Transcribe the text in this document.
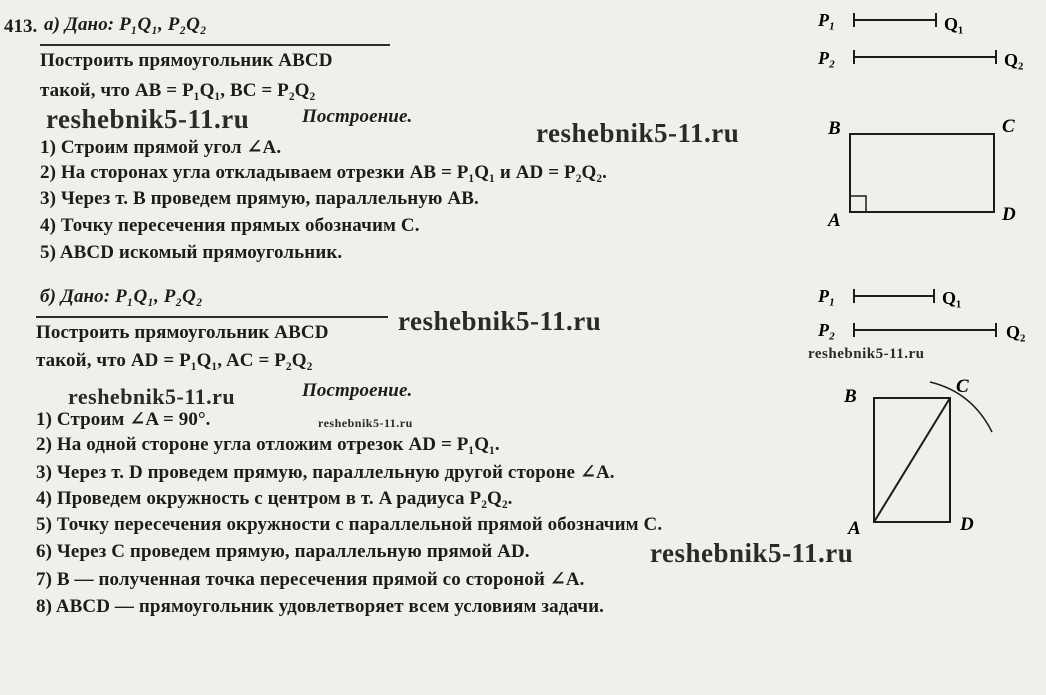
413. а) Дано: P₁Q₁, P₂Q₂
Построить прямоугольник ABCD
такой, что AB = P₁Q₁, BC = P₂Q₂
Построение.
1) Строим прямой угол ∠A.
2) На сторонах угла откладываем отрезки AB = P₁Q₁ и AD = P₂Q₂.
3) Через т. B проведем прямую, параллельную AB.
4) Точку пересечения прямых обозначим C.
5) ABCD искомый прямоугольник.
P₁	Q₁
P₂	Q₂
B	C
A	D
б) Дано: P₁Q₁, P₂Q₂
Построить прямоугольник ABCD
такой, что AD = P₁Q₁, AC = P₂Q₂
Построение.
1) Строим ∠A = 90°.
2) На одной стороне угла отложим отрезок AD = P₁Q₁.
3) Через т. D проведем прямую, параллельную другой стороне ∠A.
4) Проведем окружность с центром в т. A радиуса P₂Q₂.
5) Точку пересечения окружности с параллельной прямой обозначим C.
6) Через C проведем прямую, параллельную прямой AD.
7) B — полученная точка пересечения прямой со стороной ∠A.
8) ABCD — прямоугольник удовлетворяет всем условиям задачи.
P₁	Q₁
P₂	Q₂
B	C
A	D
reshebnik5-11.ru	reshebnik5-11.ru
reshebnik5-11.ru
reshebnik5-11.ru
reshebnik5-11.ru
reshebnik5-11.ru
reshebnik5-11.ru
